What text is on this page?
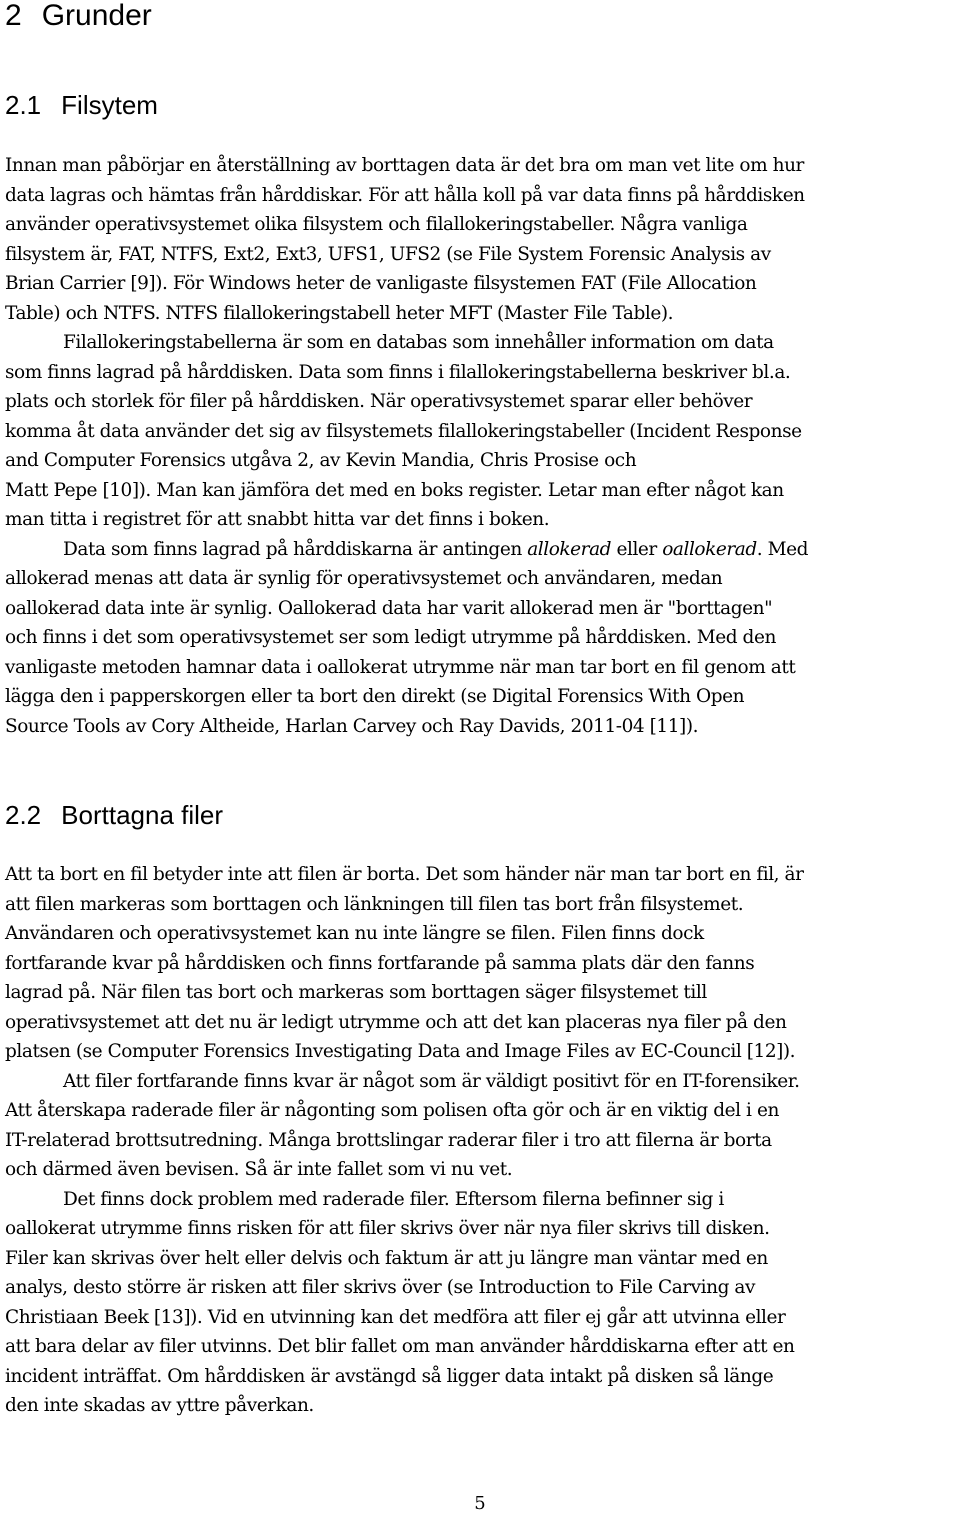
2 Grunder
2.1 Filsytem
Innan man påbörjar en återställning av borttagen data är det bra om man vet lite om hur
data lagras och hämtas från hårddiskar. För att hålla koll på var data finns på hårddisken
använder operativsystemet olika filsystem och filallokeringstabeller. Några vanliga
filsystem är, FAT, NTFS, Ext2, Ext3, UFS1, UFS2 (se File System Forensic Analysis av
Brian Carrier [9]). För Windows heter de vanligaste filsystemen FAT (File Allocation
Table) och NTFS. NTFS filallokeringstabell heter MFT (Master File Table).
Filallokeringstabellerna är som en databas som innehåller information om data
som finns lagrad på hårddisken. Data som finns i filallokeringstabellerna beskriver bl.a.
plats och storlek för filer på hårddisken. När operativsystemet sparar eller behöver
komma åt data använder det sig av filsystemets filallokeringstabeller (Incident Response
and Computer Forensics utgåva 2, av Kevin Mandia, Chris Prosise och
Matt Pepe [10]). Man kan jämföra det med en boks register. Letar man efter något kan
man titta i registret för att snabbt hitta var det finns i boken.
Data som finns lagrad på hårddiskarna är antingen allokerad eller oallokerad. Med
allokerad menas att data är synlig för operativsystemet och användaren, medan
oallokerad data inte är synlig. Oallokerad data har varit allokerad men är "borttagen"
och finns i det som operativsystemet ser som ledigt utrymme på hårddisken. Med den
vanligaste metoden hamnar data i oallokerat utrymme när man tar bort en fil genom att
lägga den i papperskorgen eller ta bort den direkt (se Digital Forensics With Open
Source Tools av Cory Altheide, Harlan Carvey och Ray Davids, 2011-04 [11]).
2.2 Borttagna filer
Att ta bort en fil betyder inte att filen är borta. Det som händer när man tar bort en fil, är
att filen markeras som borttagen och länkningen till filen tas bort från filsystemet.
Användaren och operativsystemet kan nu inte längre se filen. Filen finns dock
fortfarande kvar på hårddisken och finns fortfarande på samma plats där den fanns
lagrad på. När filen tas bort och markeras som borttagen säger filsystemet till
operativsystemet att det nu är ledigt utrymme och att det kan placeras nya filer på den
platsen (se Computer Forensics Investigating Data and Image Files av EC-Council [12]).
Att filer fortfarande finns kvar är något som är väldigt positivt för en IT-forensiker.
Att återskapa raderade filer är någonting som polisen ofta gör och är en viktig del i en
IT-relaterad brottsutredning. Många brottslingar raderar filer i tro att filerna är borta
och därmed även bevisen. Så är inte fallet som vi nu vet.
Det finns dock problem med raderade filer. Eftersom filerna befinner sig i
oallokerat utrymme finns risken för att filer skrivs över när nya filer skrivs till disken.
Filer kan skrivas över helt eller delvis och faktum är att ju längre man väntar med en
analys, desto större är risken att filer skrivs över (se Introduction to File Carving av
Christiaan Beek [13]). Vid en utvinning kan det medföra att filer ej går att utvinna eller
att bara delar av filer utvinns. Det blir fallet om man använder hårddiskarna efter att en
incident inträffat. Om hårddisken är avstängd så ligger data intakt på disken så länge
den inte skadas av yttre påverkan.
5
